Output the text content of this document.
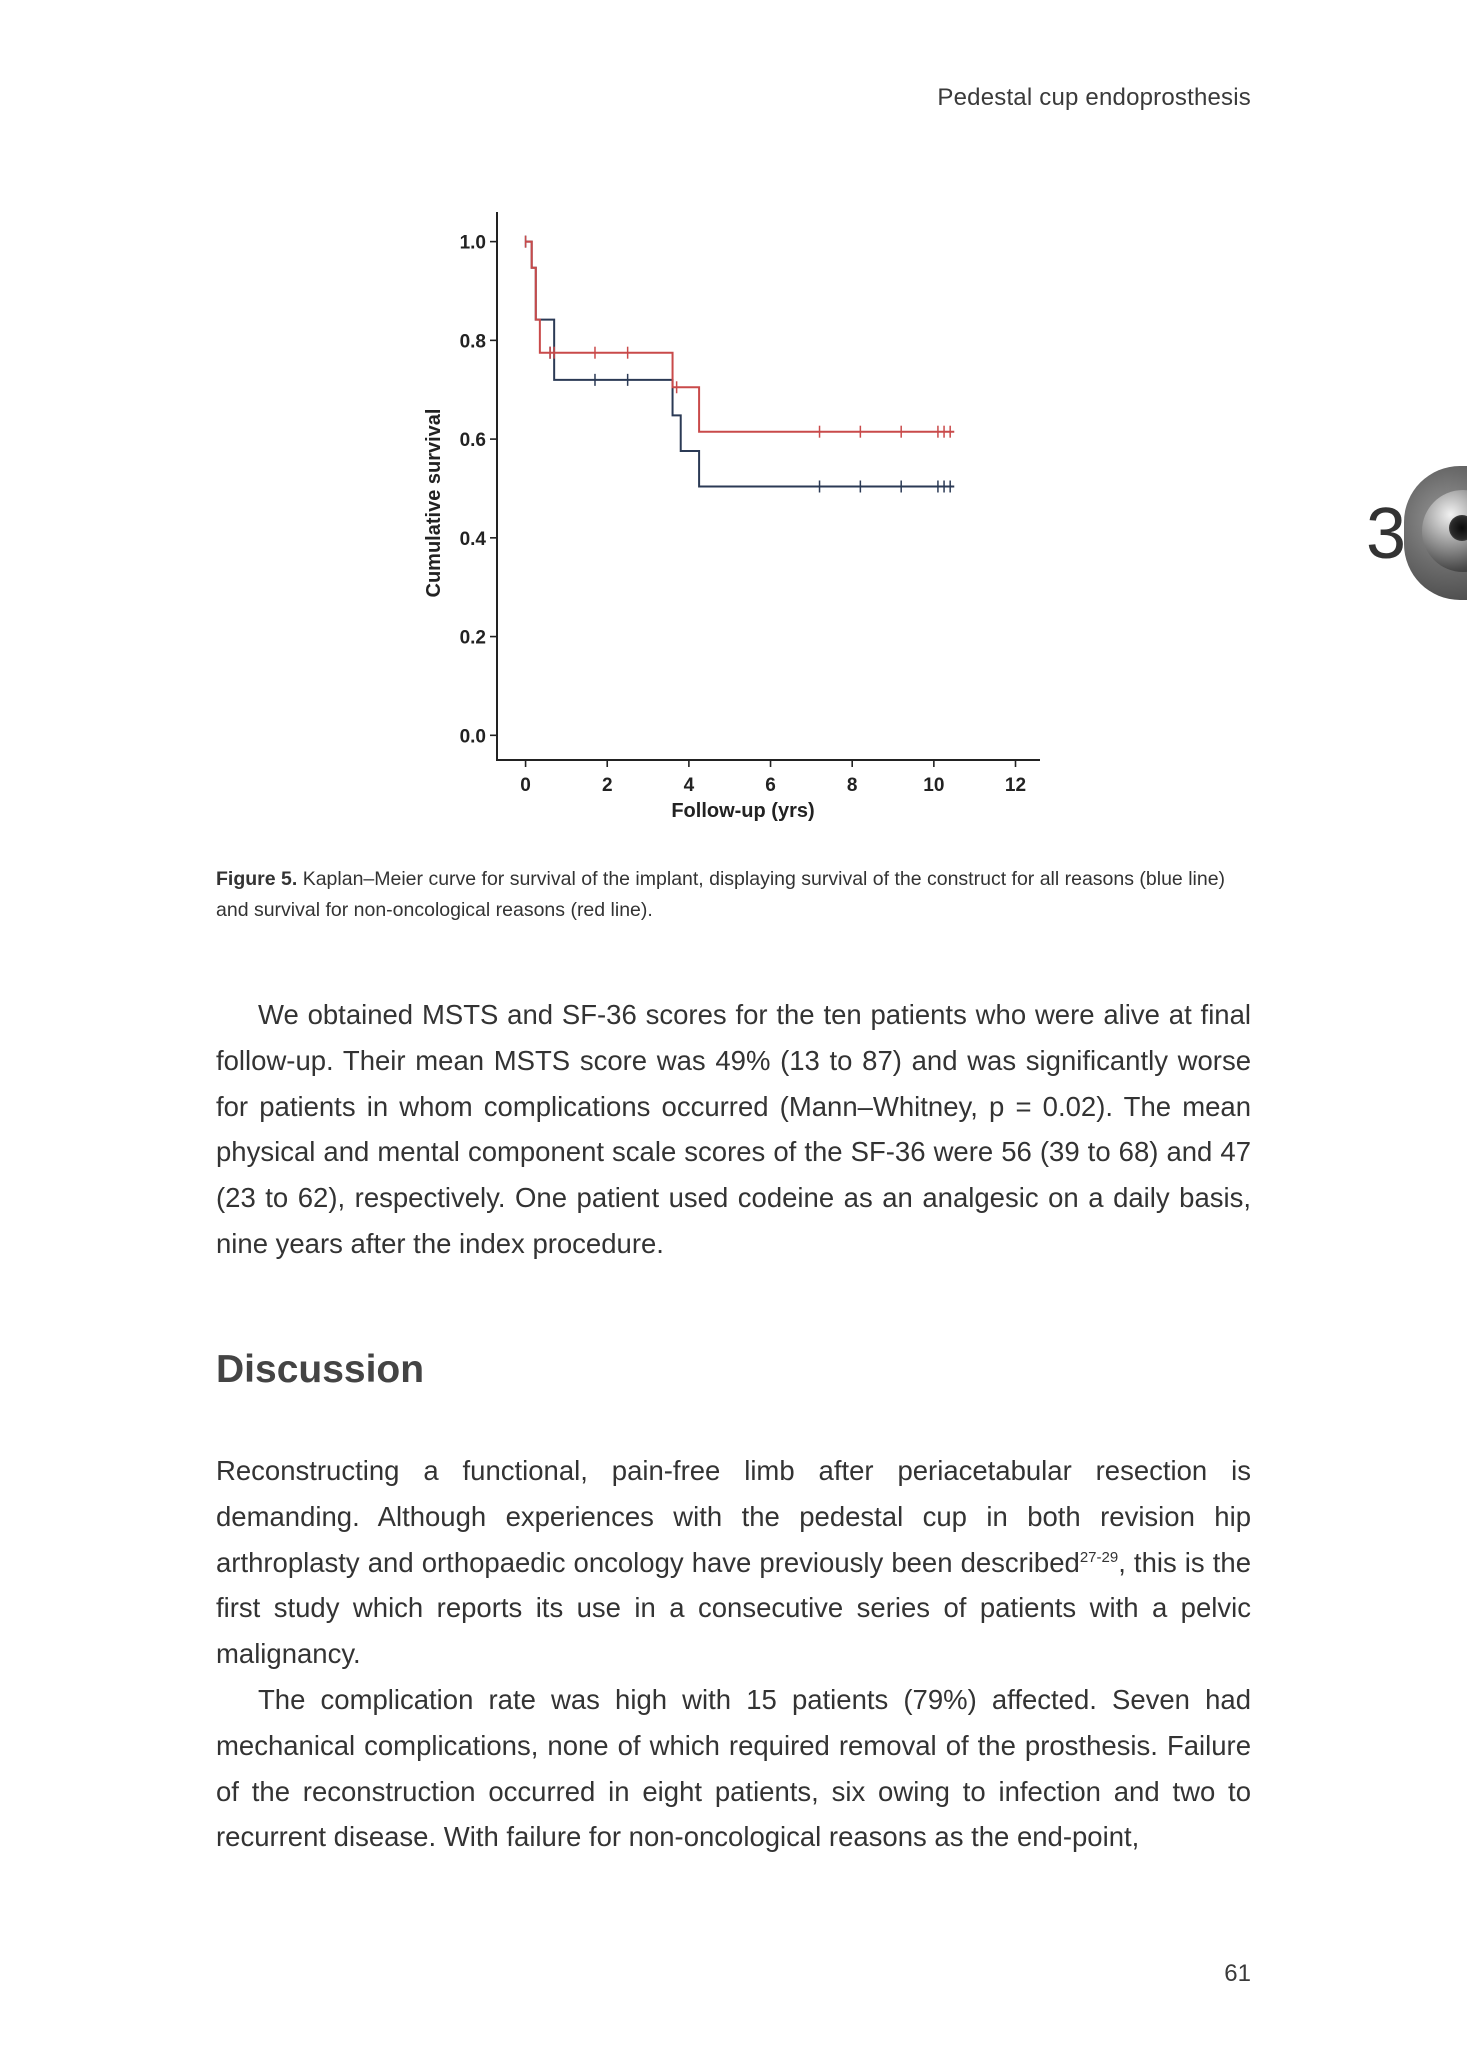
Pedestal cup endoprosthesis
3
0.0
0.2
0.4
0.6
0.8
1.0
0	2	4	6	8	10	12
Follow-up (yrs)
Cumulative survival
Figure 5. Kaplan–Meier curve for survival of the implant, displaying survival of the construct for all reasons (blue line) and survival for non-oncological reasons (red line).

We obtained MSTS and SF-36 scores for the ten patients who were alive at final follow-up. Their mean MSTS score was 49% (13 to 87) and was significantly worse for patients in whom complications occurred (Mann–Whitney, p = 0.02). The mean physical and mental component scale scores of the SF-36 were 56 (39 to 68) and 47 (23 to 62), respectively. One patient used codeine as an analgesic on a daily basis, nine years after the index procedure.

Discussion

Reconstructing a functional, pain-free limb after periacetabular resection is demanding. Although experiences with the pedestal cup in both revision hip arthroplasty and orthopaedic oncology have previously been described$^{27-29}$, this is the first study which reports its use in a consecutive series of patients with a pelvic malignancy.

The complication rate was high with 15 patients (79%) affected. Seven had mechanical complications, none of which required removal of the prosthesis. Failure of the reconstruction occurred in eight patients, six owing to infection and two to recurrent disease. With failure for non-oncological reasons as the end-point,

61
